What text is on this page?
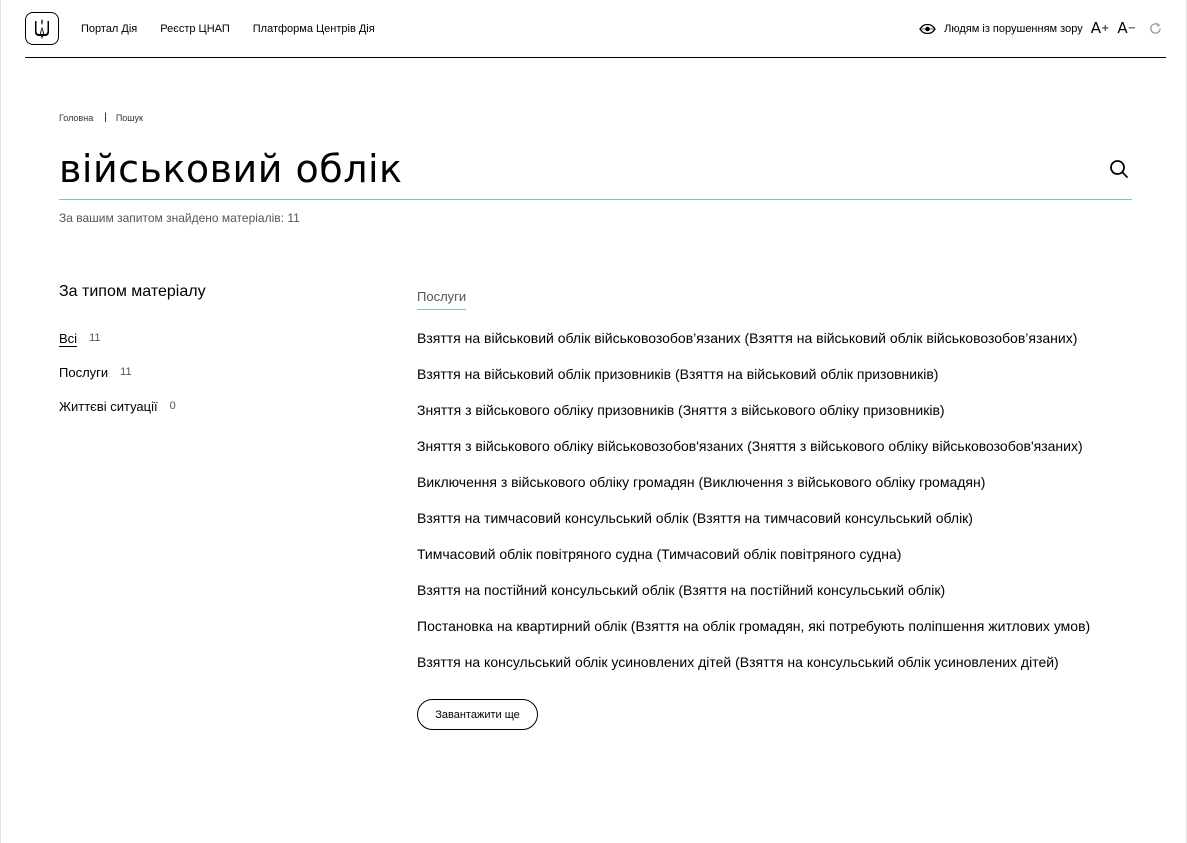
Портал Дія Реєстр ЦНАП Платформа Центрів Дія	Людям із порушенням зору A + A −
Головна | Пошук
військовий облік
За вашим запитом знайдено матеріалів: 11
За типом матеріалу
Всі 11
Послуги 11
Життєві ситуації 0
Послуги
Взяття на військовий облік військовозобов’язаних (Взяття на військовий облік військовозобов’язаних)
Взяття на військовий облік призовників (Взяття на військовий облік призовників)
Зняття з військового обліку призовників (Зняття з військового обліку призовників)
Зняття з військового обліку військовозобов'язаних (Зняття з військового обліку військовозобов'язаних)
Виключення з військового обліку громадян (Виключення з військового обліку громадян)
Взяття на тимчасовий консульський облік (Взяття на тимчасовий консульський облік)
Тимчасовий облік повітряного судна (Тимчасовий облік повітряного судна)
Взяття на постійний консульський облік (Взяття на постійний консульський облік)
Постановка на квартирний облік (Взяття на облік громадян, які потребують поліпшення житлових умов)
Взяття на консульський облік усиновлених дітей (Взяття на консульський облік усиновлених дітей)
Завантажити ще
